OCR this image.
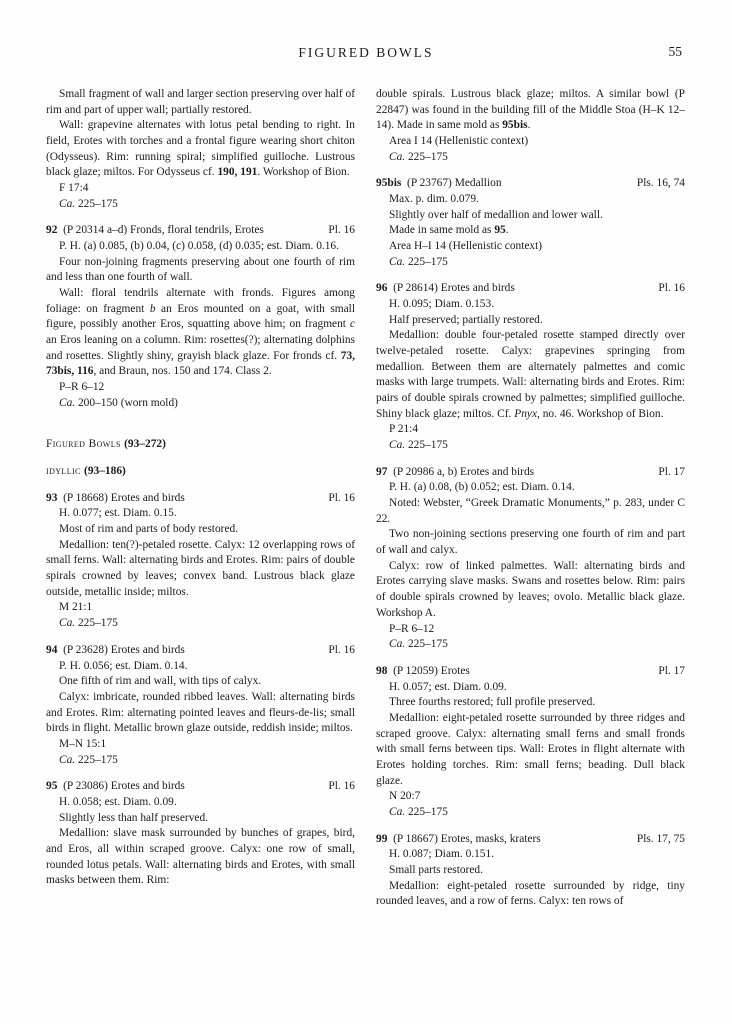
FIGURED BOWLS	55
Small fragment of wall and larger section preserving over half of rim and part of upper wall; partially restored.
Wall: grapevine alternates with lotus petal bending to right. In field, Erotes with torches and a frontal figure wearing short chiton (Odysseus). Rim: running spiral; simplified guilloche. Lustrous black glaze; miltos. For Odysseus cf. 190, 191. Workshop of Bion.
F 17:4
Ca. 225–175
92  (P 20314 a–d) Fronds, floral tendrils, Erotes	Pl. 16
P. H. (a) 0.085, (b) 0.04, (c) 0.058, (d) 0.035; est. Diam. 0.16.
Four non-joining fragments preserving about one fourth of rim and less than one fourth of wall.
Wall: floral tendrils alternate with fronds. Figures among foliage: on fragment b an Eros mounted on a goat, with small figure, possibly another Eros, squatting above him; on fragment c an Eros leaning on a column. Rim: rosettes(?); alternating dolphins and rosettes. Slightly shiny, grayish black glaze. For fronds cf. 73, 73bis, 116, and Braun, nos. 150 and 174. Class 2.
P–R 6–12
Ca. 200–150 (worn mold)
Figured Bowls (93–272)
idyllic (93–186)
93  (P 18668) Erotes and birds	Pl. 16
H. 0.077; est. Diam. 0.15.
Most of rim and parts of body restored.
Medallion: ten(?)-petaled rosette. Calyx: 12 overlapping rows of small ferns. Wall: alternating birds and Erotes. Rim: pairs of double spirals crowned by leaves; convex band. Lustrous black glaze outside, metallic inside; miltos.
M 21:1
Ca. 225–175
94  (P 23628) Erotes and birds	Pl. 16
P. H. 0.056; est. Diam. 0.14.
One fifth of rim and wall, with tips of calyx.
Calyx: imbricate, rounded ribbed leaves. Wall: alternating birds and Erotes. Rim: alternating pointed leaves and fleurs-de-lis; small birds in flight. Metallic brown glaze outside, reddish inside; miltos.
M–N 15:1
Ca. 225–175
95  (P 23086) Erotes and birds	Pl. 16
H. 0.058; est. Diam. 0.09.
Slightly less than half preserved.
Medallion: slave mask surrounded by bunches of grapes, bird, and Eros, all within scraped groove. Calyx: one row of small, rounded lotus petals. Wall: alternating birds and Erotes, with small masks between them. Rim:
double spirals. Lustrous black glaze; miltos. A similar bowl (P 22847) was found in the building fill of the Middle Stoa (H–K 12–14). Made in same mold as 95bis.
Area I 14 (Hellenistic context)
Ca. 225–175
95bis  (P 23767) Medallion	Pls. 16, 74
Max. p. dim. 0.079.
Slightly over half of medallion and lower wall.
Made in same mold as 95.
Area H–I 14 (Hellenistic context)
Ca. 225–175
96  (P 28614) Erotes and birds	Pl. 16
H. 0.095; Diam. 0.153.
Half preserved; partially restored.
Medallion: double four-petaled rosette stamped directly over twelve-petaled rosette. Calyx: grapevines springing from medallion. Between them are alternately palmettes and comic masks with large trumpets. Wall: alternating birds and Erotes. Rim: pairs of double spirals crowned by palmettes; simplified guilloche. Shiny black glaze; miltos. Cf. Pnyx, no. 46. Workshop of Bion.
P 21:4
Ca. 225–175
97  (P 20986 a, b) Erotes and birds	Pl. 17
P. H. (a) 0.08, (b) 0.052; est. Diam. 0.14.
Noted: Webster, “Greek Dramatic Monuments,” p. 283, under C 22.
Two non-joining sections preserving one fourth of rim and part of wall and calyx.
Calyx: row of linked palmettes. Wall: alternating birds and Erotes carrying slave masks. Swans and rosettes below. Rim: pairs of double spirals crowned by leaves; ovolo. Metallic black glaze. Workshop A.
P–R 6–12
Ca. 225–175
98  (P 12059) Erotes	Pl. 17
H. 0.057; est. Diam. 0.09.
Three fourths restored; full profile preserved.
Medallion: eight-petaled rosette surrounded by three ridges and scraped groove. Calyx: alternating small ferns and small fronds with small ferns between tips. Wall: Erotes in flight alternate with Erotes holding torches. Rim: small ferns; beading. Dull black glaze.
N 20:7
Ca. 225–175
99  (P 18667) Erotes, masks, kraters	Pls. 17, 75
H. 0.087; Diam. 0.151.
Small parts restored.
Medallion: eight-petaled rosette surrounded by ridge, tiny rounded leaves, and a row of ferns. Calyx: ten rows of
